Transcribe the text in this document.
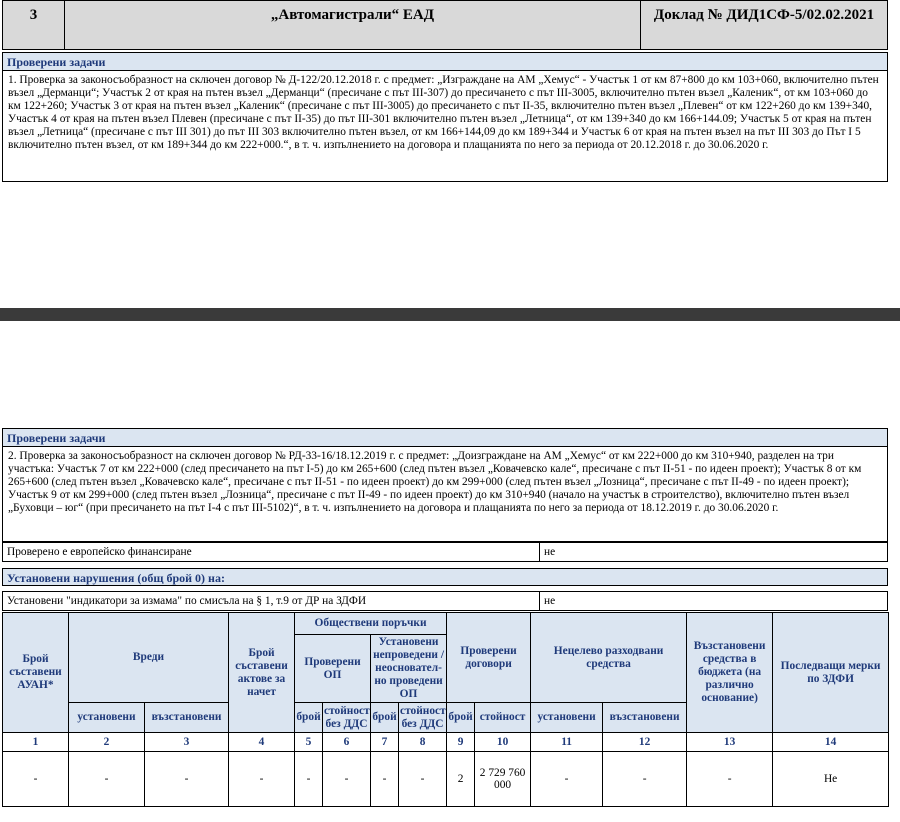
3	„Автомагистрали“ ЕАД	Доклад № ДИД1СФ-5/02.02.2021
Проверени задачи
1. Проверка за законосъобразност на сключен договор № Д-122/20.12.2018 г. с предмет: „Изграждане на АМ „Хемус“ - Участък 1 от км 87+800 до км 103+060, включително пътен възел „Дерманци“; Участък 2 от края на пътен възел „Дерманци“ (пресичане с път III-307) до пресичането с път III-3005, включително пътен възел „Каленик“, от км 103+060 до км 122+260; Участък 3 от края на пътен възел „Каленик“ (пресичане с път III-3005) до пресичането с път II-35, включително пътен възел „Плевен“ от км 122+260 до км 139+340, Участък 4 от края на пътен възел Плевен (пресичане с път II-35) до път III-301 включително пътен възел „Летница“, от км 139+340 до км 166+144.09; Участък 5 от края на пътен възел „Летница“ (пресичане с път III 301) до път III 303 включително пътен възел, от км 166+144,09 до км 189+344 и Участък 6 от края на пътен възел на път III 303 до Път I 5 включително пътен възел, от км 189+344 до км 222+000.“, в т. ч. изпълнението на договора и плащанията по него за периода от 20.12.2018 г. до 30.06.2020 г.
Проверени задачи
2. Проверка за законосъобразност на сключен договор № РД-33-16/18.12.2019 г. с предмет: „Доизграждане на АМ „Хемус“ от км 222+000 до км 310+940, разделен на три участъка: Участък 7 от км 222+000 (след пресичането на път I-5) до км 265+600 (след пътен възел „Ковачевско кале“, пресичане с път II-51 - по идеен проект); Участък 8 от км 265+600 (след пътен възел „Ковачевско кале“, пресичане с път II-51 - по идеен проект) до км 299+000 (след пътен възел „Лозница“, пресичане с път II-49 - по идеен проект); Участък 9 от км 299+000 (след пътен възел „Лозница“, пресичане с път II-49 - по идеен проект) до км 310+940 (начало на участък в строителство), включително пътен възел „Буховци – юг“ (при пресичането на път I-4 с път III-5102)“, в т. ч. изпълнението на договора и плащанията по него за периода от 18.12.2019 г. до 30.06.2020 г.
Проверено е европейско финансиране	не
Установени нарушения (общ брой 0) на:
Установени "индикатори за измама" по смисъла на § 1, т.9 от ДР на ЗДФИ	не
Брой съставени АУАН*	Вреди		Брой съставени актове за начет	Обществени поръчки				Проверени договори		Нецелево разходвани средства		Възстановени средства в бюджета (на различно основание)	Последващи мерки по ЗДФИ
				Проверени ОП		Установени непроведени / неоснователно проведени ОП							
	установени	възстановени		брой	стойност без ДДС	брой	стойност без ДДС	брой	стойност	установени	възстановени		
1	2	3	4	5	6	7	8	9	10	11	12	13	14
-	-	-	-	-	-	-	-	2	2 729 760 000	-	-	-	Не
